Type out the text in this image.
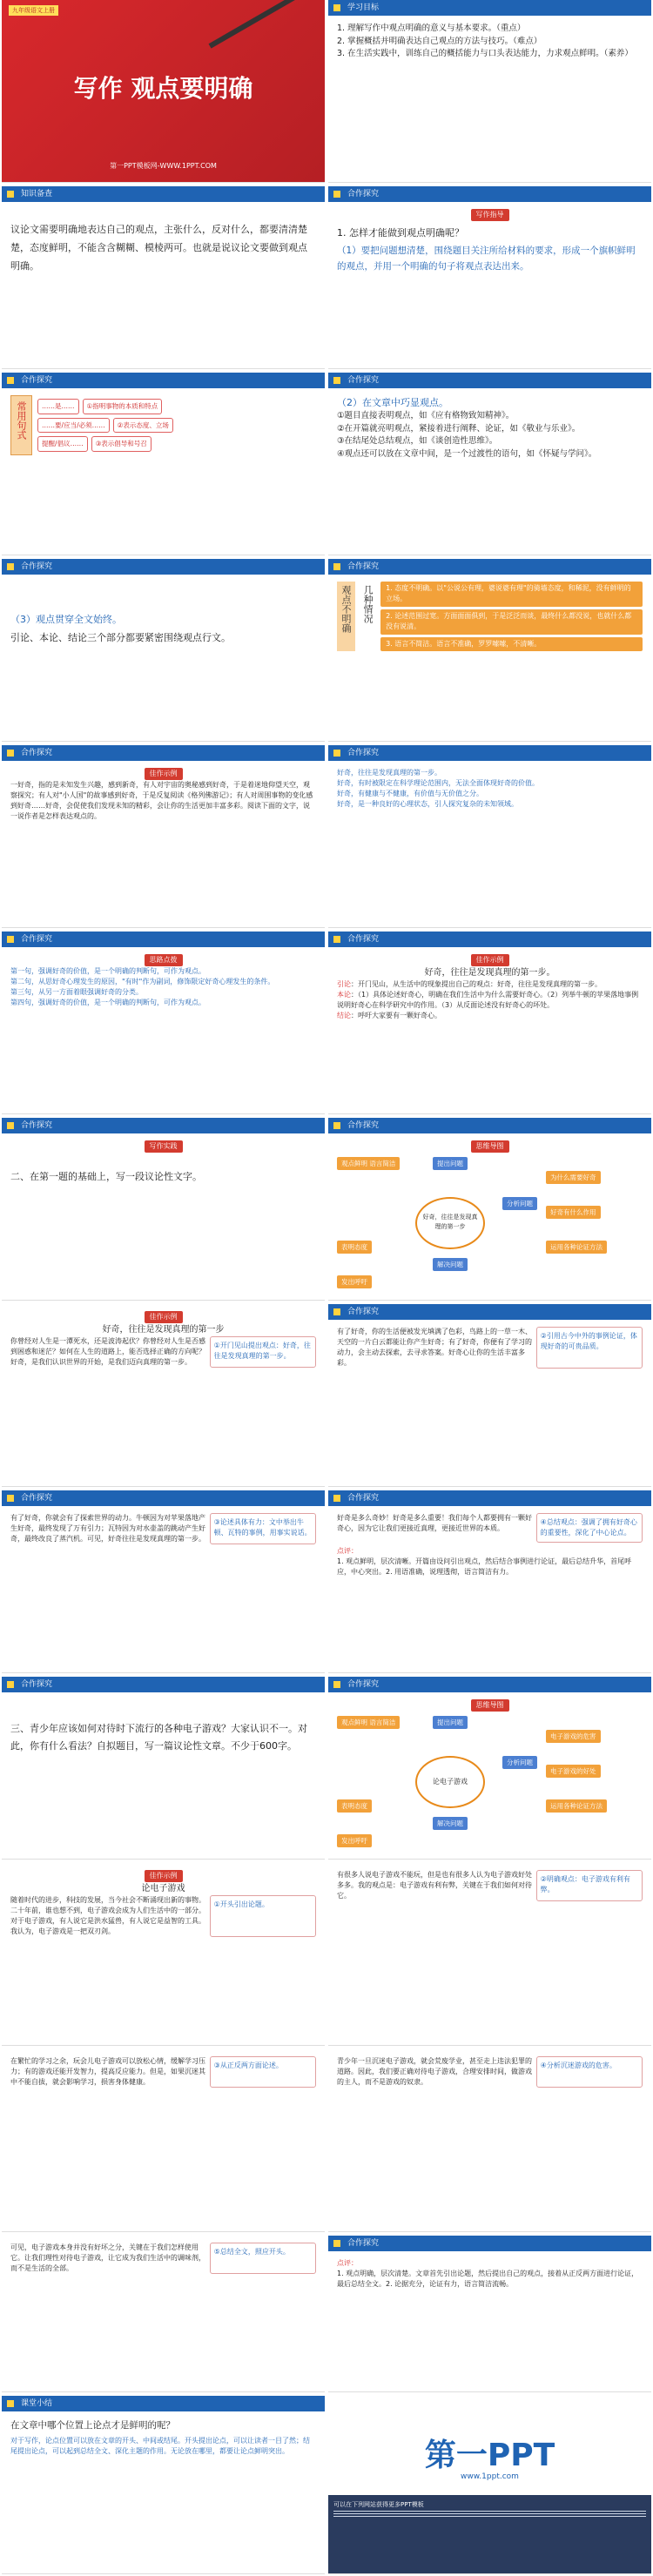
九年级语文上册
写作 观点要明确
第一PPT模板网-WWW.1PPT.COM
学习目标
1. 理解写作中观点明确的意义与基本要求。（重点）
2. 掌握概括并明确表达自己观点的方法与技巧。（难点）
3. 在生活实践中，训练自己的概括能力与口头表达能力，力求观点鲜明。（素养）
知识备查
议论文需要明确地表达自己的观点，主张什么，反对什么，都要清清楚楚，态度鲜明，不能含含糊糊、模棱两可。也就是说议论文要做到观点明确。
合作探究
写作指导
1. 怎样才能做到观点明确呢？
（1）要把问题想清楚，围绕题目关注所给材料的要求，形成一个旗帜鲜明的观点，并用一个明确的句子将观点表达出来。
合作探究
常用句式	……是……	①指明事物的本质和特点
……要/应当/必须……	②表示态度、立场
提醒/倡议……	③表示倡导和号召
合作探究
（2）在文章中巧显观点。
①题目直接表明观点，如《应有格物致知精神》。
②在开篇就亮明观点，紧接着进行阐释、论证，如《敬业与乐业》。
③在结尾处总结观点，如《谈创造性思维》。
④观点还可以放在文章中间，是一个过渡性的语句，如《怀疑与学问》。
合作探究
（3）观点贯穿全文始终。
引论、本论、结论三个部分都要紧密围绕观点行文。
合作探究
观点不明确	几种情况	1. 态度不明确。以"公说公有理，婆说婆有理"的骑墙态度，和稀泥，没有鲜明的立场。
2. 论述范围过宽。方面面面俱到，于是泛泛而谈，最终什么都没说，也就什么都没有说清。
3. 语言不简洁。语言不准确，罗罗嗦嗦，不清晰。
合作探究
佳作示例
一好奇，指的是未知发生兴趣，感到新奇，有人对宇宙的奥秘感到好奇，于是着迷地仰望天空，观察探究；有人对"小人国"的故事感到好奇，于是反复阅读《格列佛游记》；有人对周围事物的变化感到好奇……好奇，会促使我们发现未知的精彩，会让你的生活更加丰富多彩。阅读下面的文字，说一说作者是怎样表达观点的。
合作探究
好奇，往往是发现真理的第一步。
好奇，有时被限定在科学理论范围内，无法全面体现好奇的价值。
好奇，有健康与不健康，有价值与无价值之分。
好奇，是一种良好的心理状态，引人探究复杂的未知领域。
合作探究
思路点拨
第一句，强调好奇的价值，是一个明确的判断句，可作为观点。
第二句，从思好奇心理发生的原因，"有时"作为副词，修饰限定好奇心理发生的条件。
第三句，从另一方面着眼强调好奇的分类。
第四句，强调好奇的价值，是一个明确的判断句，可作为观点。
合作探究
佳作示例
好奇，往往是发现真理的第一步。
引论：开门见山，从生活中的现象提出自己的观点：好奇，往往是发现真理的第一步。
本论：（1）具体论述好奇心，明确在我们生活中为什么需要好奇心。（2）列举牛顿的苹果落地事例说明好奇心在科学研究中的作用。（3）从反面论述没有好奇心的坏处。
结论：呼吁大家要有一颗好奇心。
合作探究
写作实践
二、在第一题的基础上，写一段议论性文字。
合作探究
思维导图
观点鲜明 语言简洁	提出问题
好奇，往往是发现真理的第一步
分析问题
解决问题
表明态度
发出呼吁
为什么需要好奇
好奇有什么作用
运用各种论证方法
佳作示例
好奇，往往是发现真理的第一步
你曾经对人生是一潭死水，还是波涛起伏？你曾经对人生是否感到困惑和迷茫？如何在人生的道路上，能否选择正确的方向呢？好奇，是我们认识世界的开始，是我们迈向真理的第一步。
①开门见山提出观点：好奇，往往是发现真理的第一步。
合作探究
有了好奇，你的生活便被发光填满了色彩，鸟路上的一草一木、天空的一片白云都能让你产生好奇；有了好奇，你便有了学习的动力，会主动去探索，去寻求答案。好奇心让你的生活丰富多彩。
②引用古今中外的事例论证，体现好奇的可贵品质。
合作探究
有了好奇，你就会有了探索世界的动力。牛顿因为对苹果落地产生好奇，最终发现了万有引力；瓦特因为对水壶盖的跳动产生好奇，最终改良了蒸汽机。可见，好奇往往是发现真理的第一步。
③论述具体有力：文中举出牛顿、瓦特的事例，用事实说话。
合作探究
好奇是多么奇妙！好奇是多么重要！我们每个人都要拥有一颗好奇心，因为它让我们更接近真理，更接近世界的本质。
④总结观点：强调了拥有好奇心的重要性，深化了中心论点。
点评：
1. 观点鲜明，层次清晰。开篇由设问引出观点，然后结合事例进行论证，最后总结升华，首尾呼应，中心突出。2. 用语准确，说理透彻，语言简洁有力。
合作探究
三、青少年应该如何对待时下流行的各种电子游戏？大家认识不一。对此，你有什么看法？自拟题目，写一篇议论性文章。不少于600字。
合作探究
思维导图
观点鲜明 语言简洁	提出问题
论电子游戏
分析问题
解决问题
表明态度
发出呼吁
电子游戏的危害
电子游戏的好处
运用各种论证方法
佳作示例
论电子游戏
随着时代的进步，科技的发展，当今社会不断涌现出新的事物。二十年前，谁也想不到，电子游戏会成为人们生活中的一部分。对于电子游戏，有人说它是洪水猛兽，有人说它是益智的工具。我认为，电子游戏是一把双刃剑。
①开头引出论题。
有很多人说电子游戏不能玩，但是也有很多人认为电子游戏好处多多。我的观点是：电子游戏有利有弊，关键在于我们如何对待它。
②明确观点：电子游戏有利有弊。
在繁忙的学习之余，玩会儿电子游戏可以放松心情，缓解学习压力；有的游戏还能开发智力，提高反应能力。但是，如果沉迷其中不能自拔，就会影响学习，损害身体健康。
③从正反两方面论述。
青少年一旦沉迷电子游戏，就会荒废学业，甚至走上违法犯罪的道路。因此，我们要正确对待电子游戏，合理安排时间，做游戏的主人，而不是游戏的奴隶。
④分析沉迷游戏的危害。
可见，电子游戏本身并没有好坏之分，关键在于我们怎样使用它。让我们理性对待电子游戏，让它成为我们生活中的调味剂，而不是生活的全部。
⑤总结全文，照应开头。
合作探究
点评：
1. 观点明确，层次清楚。文章首先引出论题，然后提出自己的观点，接着从正反两方面进行论证，最后总结全文。2. 论据充分，论证有力，语言简洁流畅。
课堂小结
在文章中哪个位置上论点才是鲜明的呢？
对于写作，论点位置可以放在文章的开头、中间或结尾。开头提出论点，可以让读者一目了然；结尾提出论点，可以起到总结全文、深化主题的作用。无论放在哪里，都要让论点鲜明突出。	第一PPT
www.1ppt.com
可以在下列网站获得更多PPT模板
